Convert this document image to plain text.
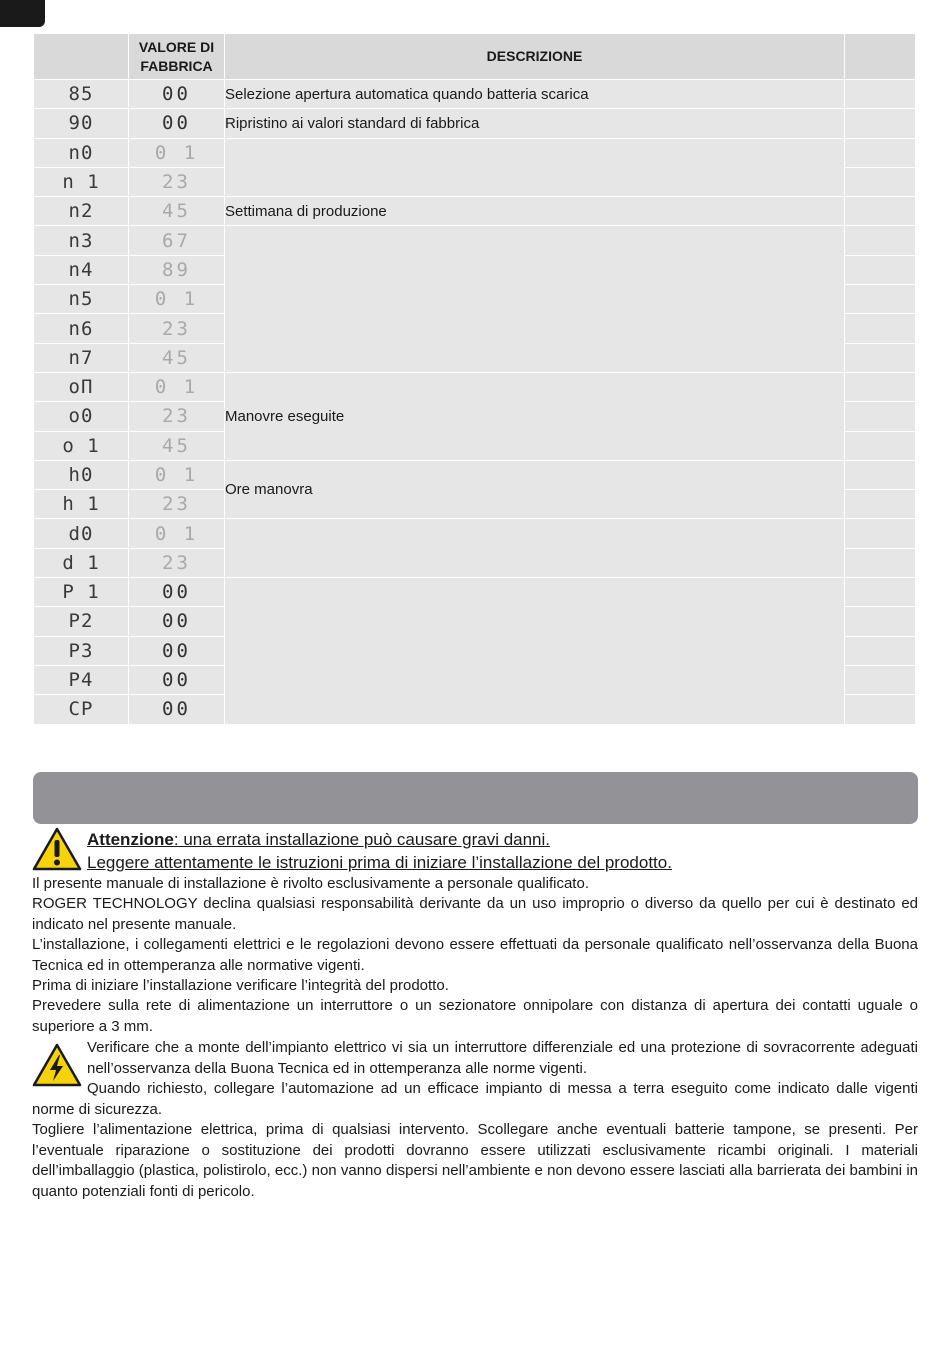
	VALORE DI FABBRICA	DESCRIZIONE	
85	00	Selezione apertura automatica quando batteria scarica	
90	00	Ripristino ai valori standard di fabbrica	
n0	0 1		
n 1	23		
n2	45	Settimana di produzione	
n3	67		
n4	89		
n5	0 1		
n6	23		
n7	45		
oП	0 1	Manovre eseguite	
o0	23		
o 1	45		
h0	0 1	Ore manovra	
h 1	23		
d0	0 1		
d 1	23		
P 1	00		
P2	00		
P3	00		
P4	00		
CP	00		
Attenzione: una errata installazione può causare gravi danni.
Leggere attentamente le istruzioni prima di iniziare l’installazione del prodotto.
Il presente manuale di installazione è rivolto esclusivamente a personale qualificato.
ROGER TECHNOLOGY declina qualsiasi responsabilità derivante da un uso improprio o diverso da quello per cui è destinato ed indicato nel presente manuale.
L’installazione, i collegamenti elettrici e le regolazioni devono essere effettuati da personale qualificato nell’osservanza della Buona Tecnica ed in ottemperanza alle normative vigenti.
Prima di iniziare l’installazione verificare l’integrità del prodotto.
Prevedere sulla rete di alimentazione un interruttore o un sezionatore onnipolare con distanza di apertura dei contatti uguale o superiore a 3 mm.
Verificare che a monte dell’impianto elettrico vi sia un interruttore differenziale ed una protezione di sovracorrente adeguati nell’osservanza della Buona Tecnica ed in ottemperanza alle norme vigenti.
Quando richiesto, collegare l’automazione ad un efficace impianto di messa a terra eseguito come indicato dalle vigenti norme di sicurezza.
Togliere l’alimentazione elettrica, prima di qualsiasi intervento. Scollegare anche eventuali batterie tampone, se presenti. Per l’eventuale riparazione o sostituzione dei prodotti dovranno essere utilizzati esclusivamente ricambi originali. I materiali dell’imballaggio (plastica, polistirolo, ecc.) non vanno dispersi nell’ambiente e non devono essere lasciati alla barrierata dei bambini in quanto potenziali fonti di pericolo.
